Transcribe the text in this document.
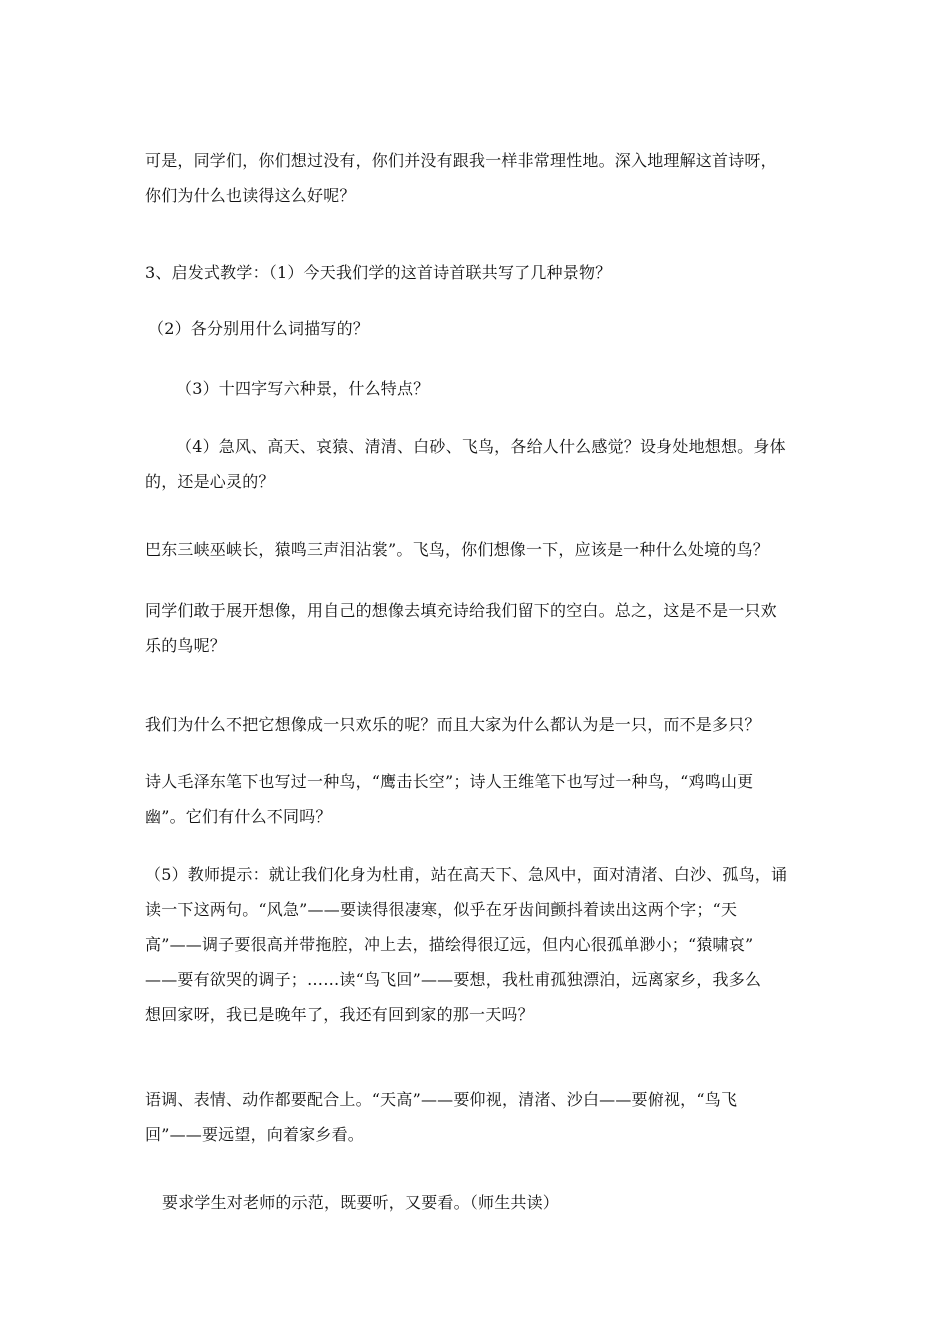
可是，同学们，你们想过没有，你们并没有跟我一样非常理性地。深入地理解这首诗呀，
你们为什么也读得这么好呢？
3、启发式教学：（1）今天我们学的这首诗首联共写了几种景物？
（2）各分别用什么词描写的？
（3）十四字写六种景，什么特点？
（4）急风、高天、哀猿、清清、白砂、飞鸟，各给人什么感觉？设身处地想想。身体
的，还是心灵的？
巴东三峡巫峡长，猿鸣三声泪沾裳”。飞鸟，你们想像一下，应该是一种什么处境的鸟？
同学们敢于展开想像，用自己的想像去填充诗给我们留下的空白。总之，这是不是一只欢
乐的鸟呢？
我们为什么不把它想像成一只欢乐的呢？而且大家为什么都认为是一只，而不是多只？
诗人毛泽东笔下也写过一种鸟，“鹰击长空”；诗人王维笔下也写过一种鸟，“鸡鸣山更
幽”。它们有什么不同吗？
（5）教师提示：就让我们化身为杜甫，站在高天下、急风中，面对清渚、白沙、孤鸟，诵
读一下这两句。“风急”——要读得很凄寒，似乎在牙齿间颤抖着读出这两个字；“天
高”——调子要很高并带拖腔，冲上去，描绘得很辽远，但内心很孤单渺小；“猿啸哀”
——要有欲哭的调子；……读“鸟飞回”——要想，我杜甫孤独漂泊，远离家乡，我多么
想回家呀，我已是晚年了，我还有回到家的那一天吗？
语调、表情、动作都要配合上。“天高”——要仰视，清渚、沙白——要俯视，“鸟飞
回”——要远望，向着家乡看。
要求学生对老师的示范，既要听，又要看。（师生共读）
